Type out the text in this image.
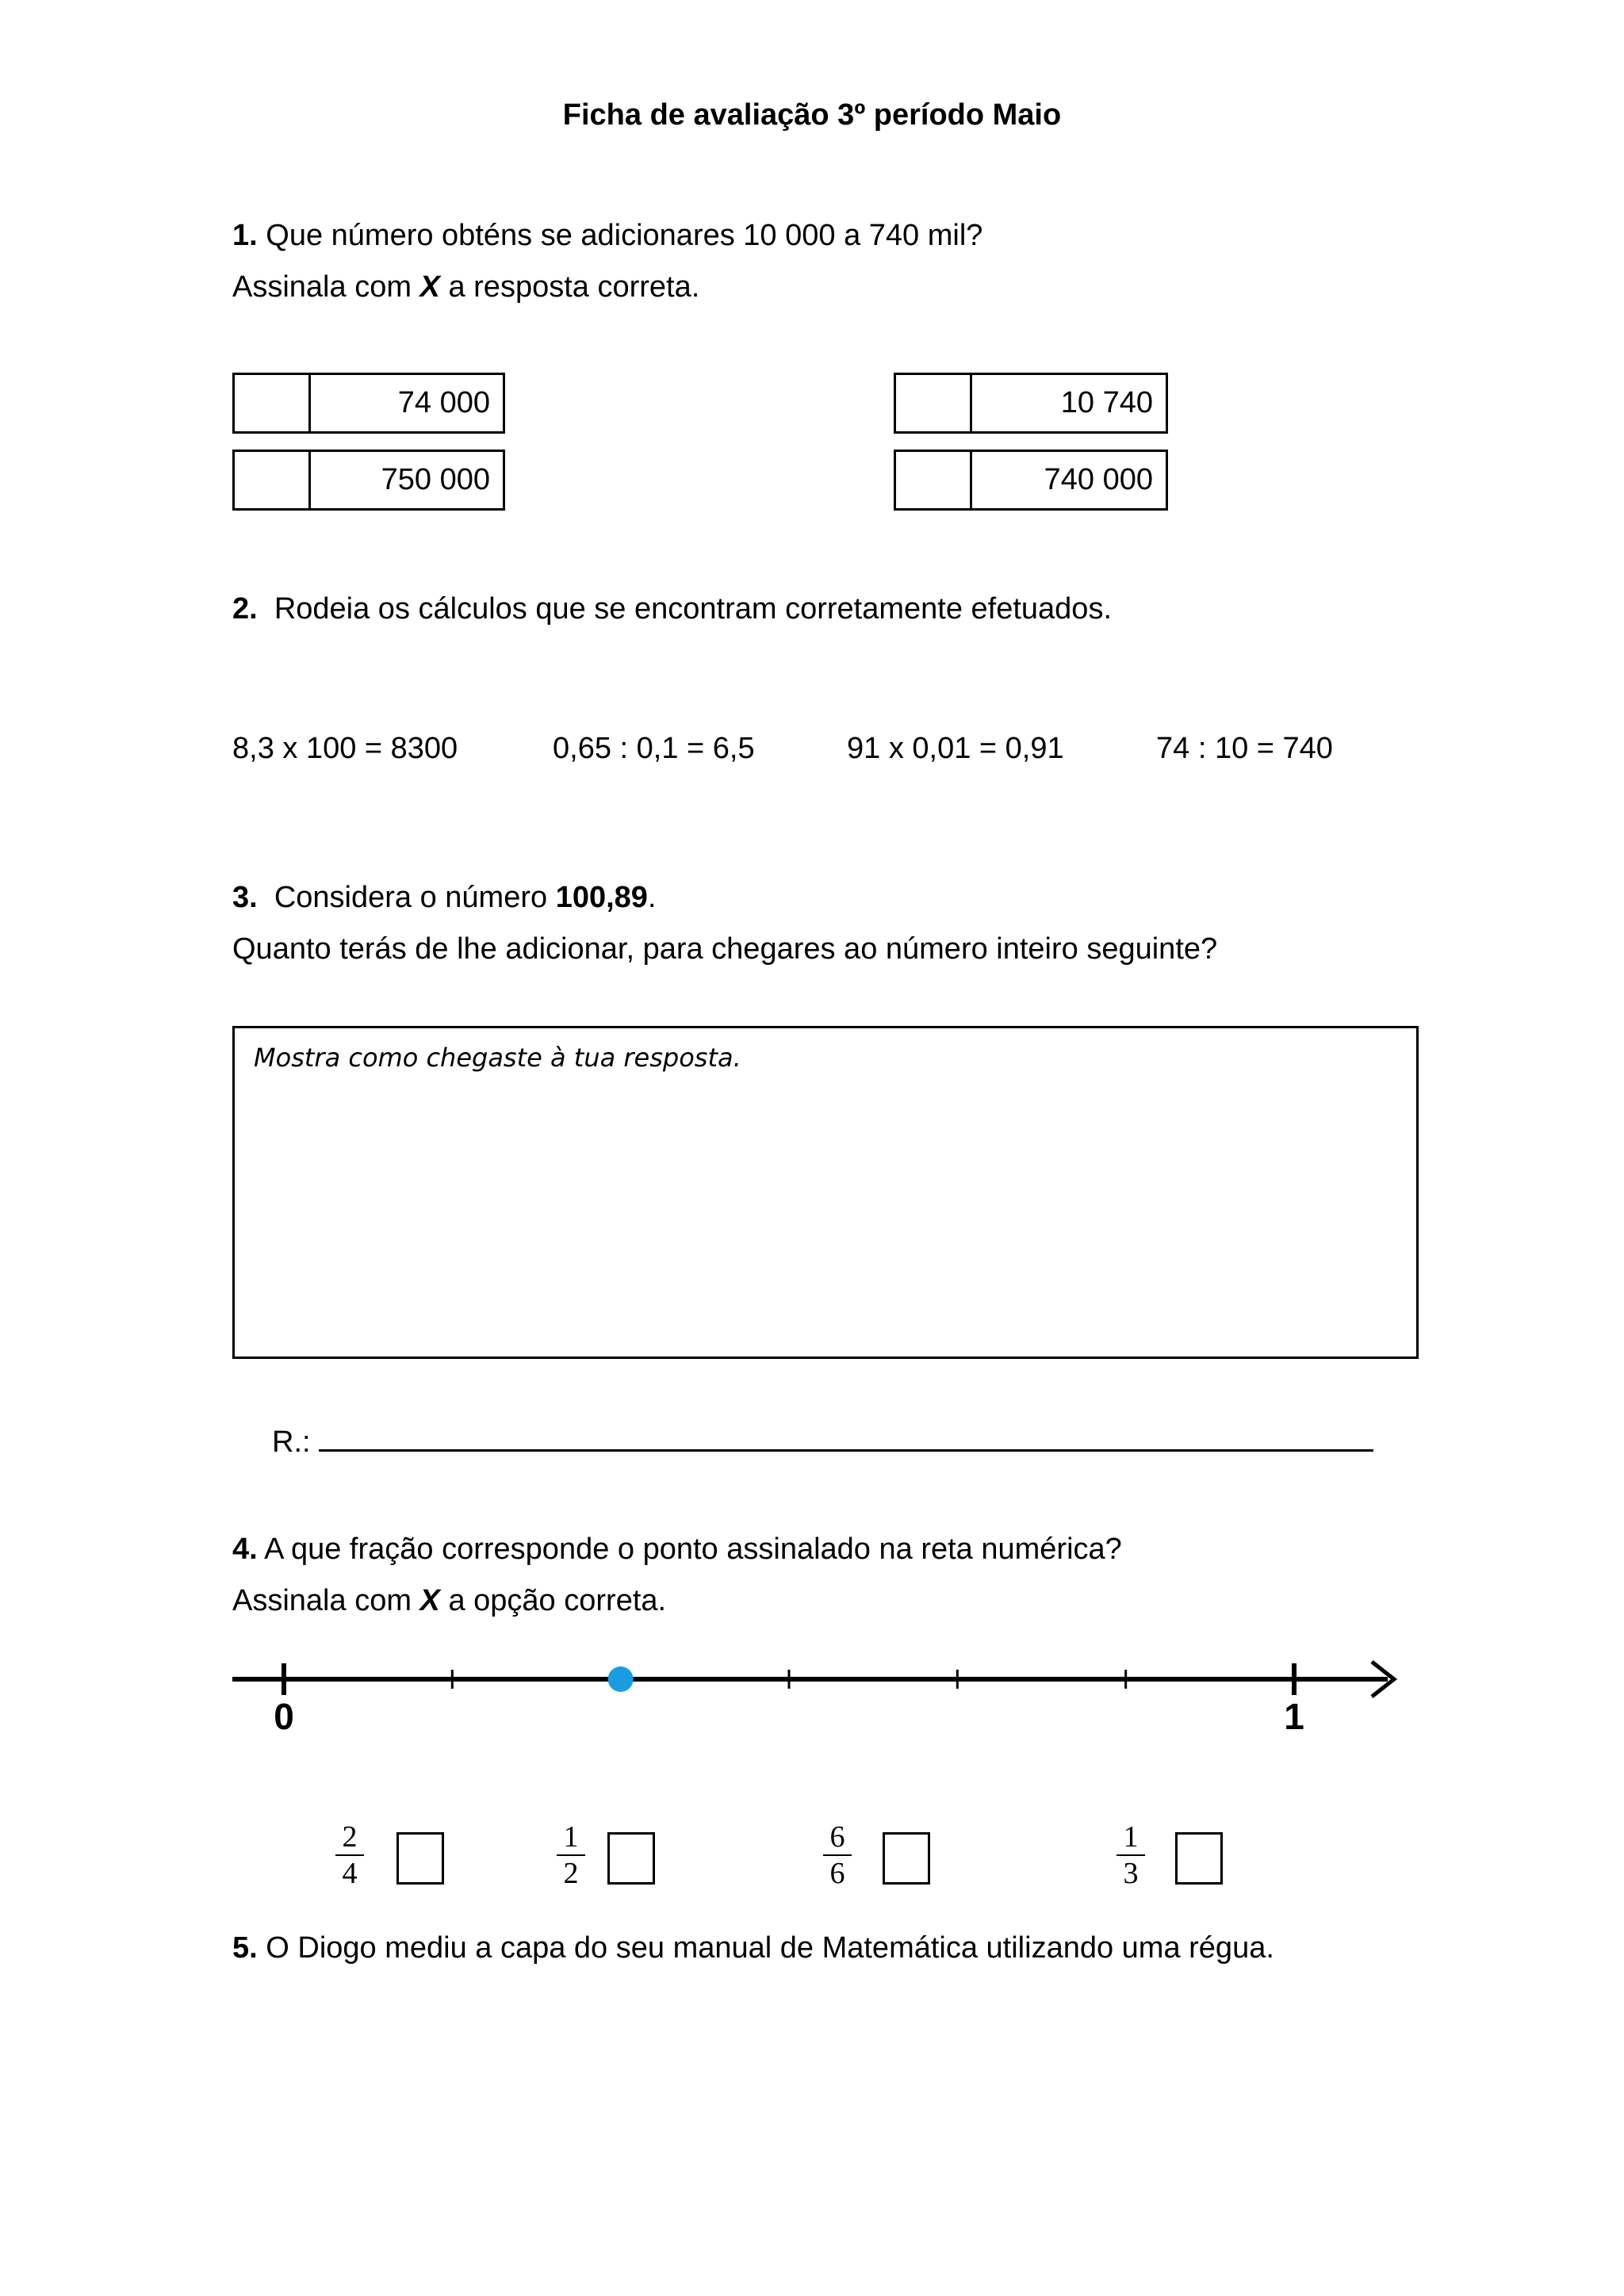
Ficha de avaliação 3º período Maio
1. Que número obténs se adicionares 10 000 a 740 mil?
Assinala com X a resposta correta.
74 000
750 000
10 740
740 000
2. Rodeia os cálculos que se encontram corretamente efetuados.
8,3 x 100 = 8300	0,65 : 0,1 = 6,5	91 x 0,01 = 0,91	74 : 10 = 740
3. Considera o número 100,89.
Quanto terás de lhe adicionar, para chegares ao número inteiro seguinte?
Mostra como chegaste à tua resposta.
R.:
4. A que fração corresponde o ponto assinalado na reta numérica?
Assinala com X a opção correta.
0	1
2
4
1
2
6
6
1
3
5. O Diogo mediu a capa do seu manual de Matemática utilizando uma régua.
